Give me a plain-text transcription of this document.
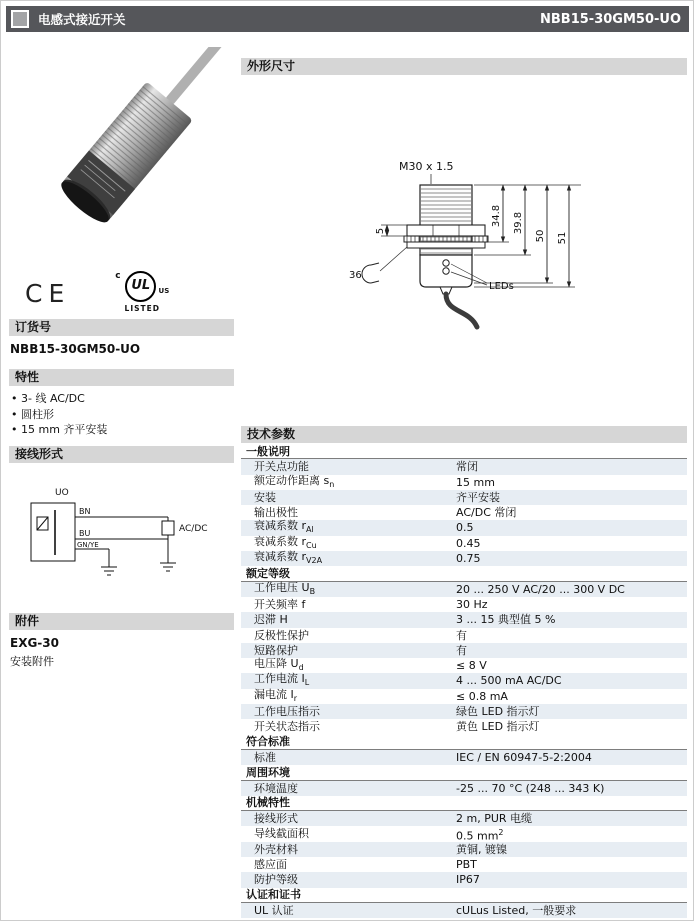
电感式接近开关	NBB15-30GM50-UO
CE
c
UL	US
LISTED
订货号
NBB15-30GM50-UO
特性
• 3- 线 AC/DC
• 圆柱形
• 15 mm 齐平安装
接线形式
UO
BN
BU	AC/DC
GN/YE
附件
EXG-30
安装附件
外形尺寸
M30 x 1.5
34.8 39.8
50 51
5
36
LEDs
技术参数
一般说明
开关点功能	常闭
额定动作距离 $s_n$	15 mm
安装	齐平安装
输出极性	AC/DC 常闭
衰减系数 $r_{Al}$	0.5
衰减系数 $r_{Cu}$	0.45
衰减系数 $r_{V2A}$	0.75
额定等级
工作电压 $U_B$	20 ... 250 V AC/20 ... 300 V DC
开关频率 f	30 Hz
迟滞 H	3 ... 15 典型值 5 %
反极性保护	有
短路保护	有
电压降 $U_d$	≤ 8 V
工作电流 $I_L$	4 ... 500 mA AC/DC
漏电流 $I_r$	≤ 0.8 mA
工作电压指示	绿色 LED 指示灯
开关状态指示	黄色 LED 指示灯
符合标准
标准	IEC / EN 60947-5-2:2004
周围环境
环境温度	-25 ... 70 °C (248 ... 343 K)
机械特性
接线形式	2 m, PUR 电缆
导线截面积	0.5 $mm^2$
外壳材料	黄铜, 镀镍
感应面	PBT
防护等级	IP67
认证和证书
UL 认证	cULus Listed, 一般要求
